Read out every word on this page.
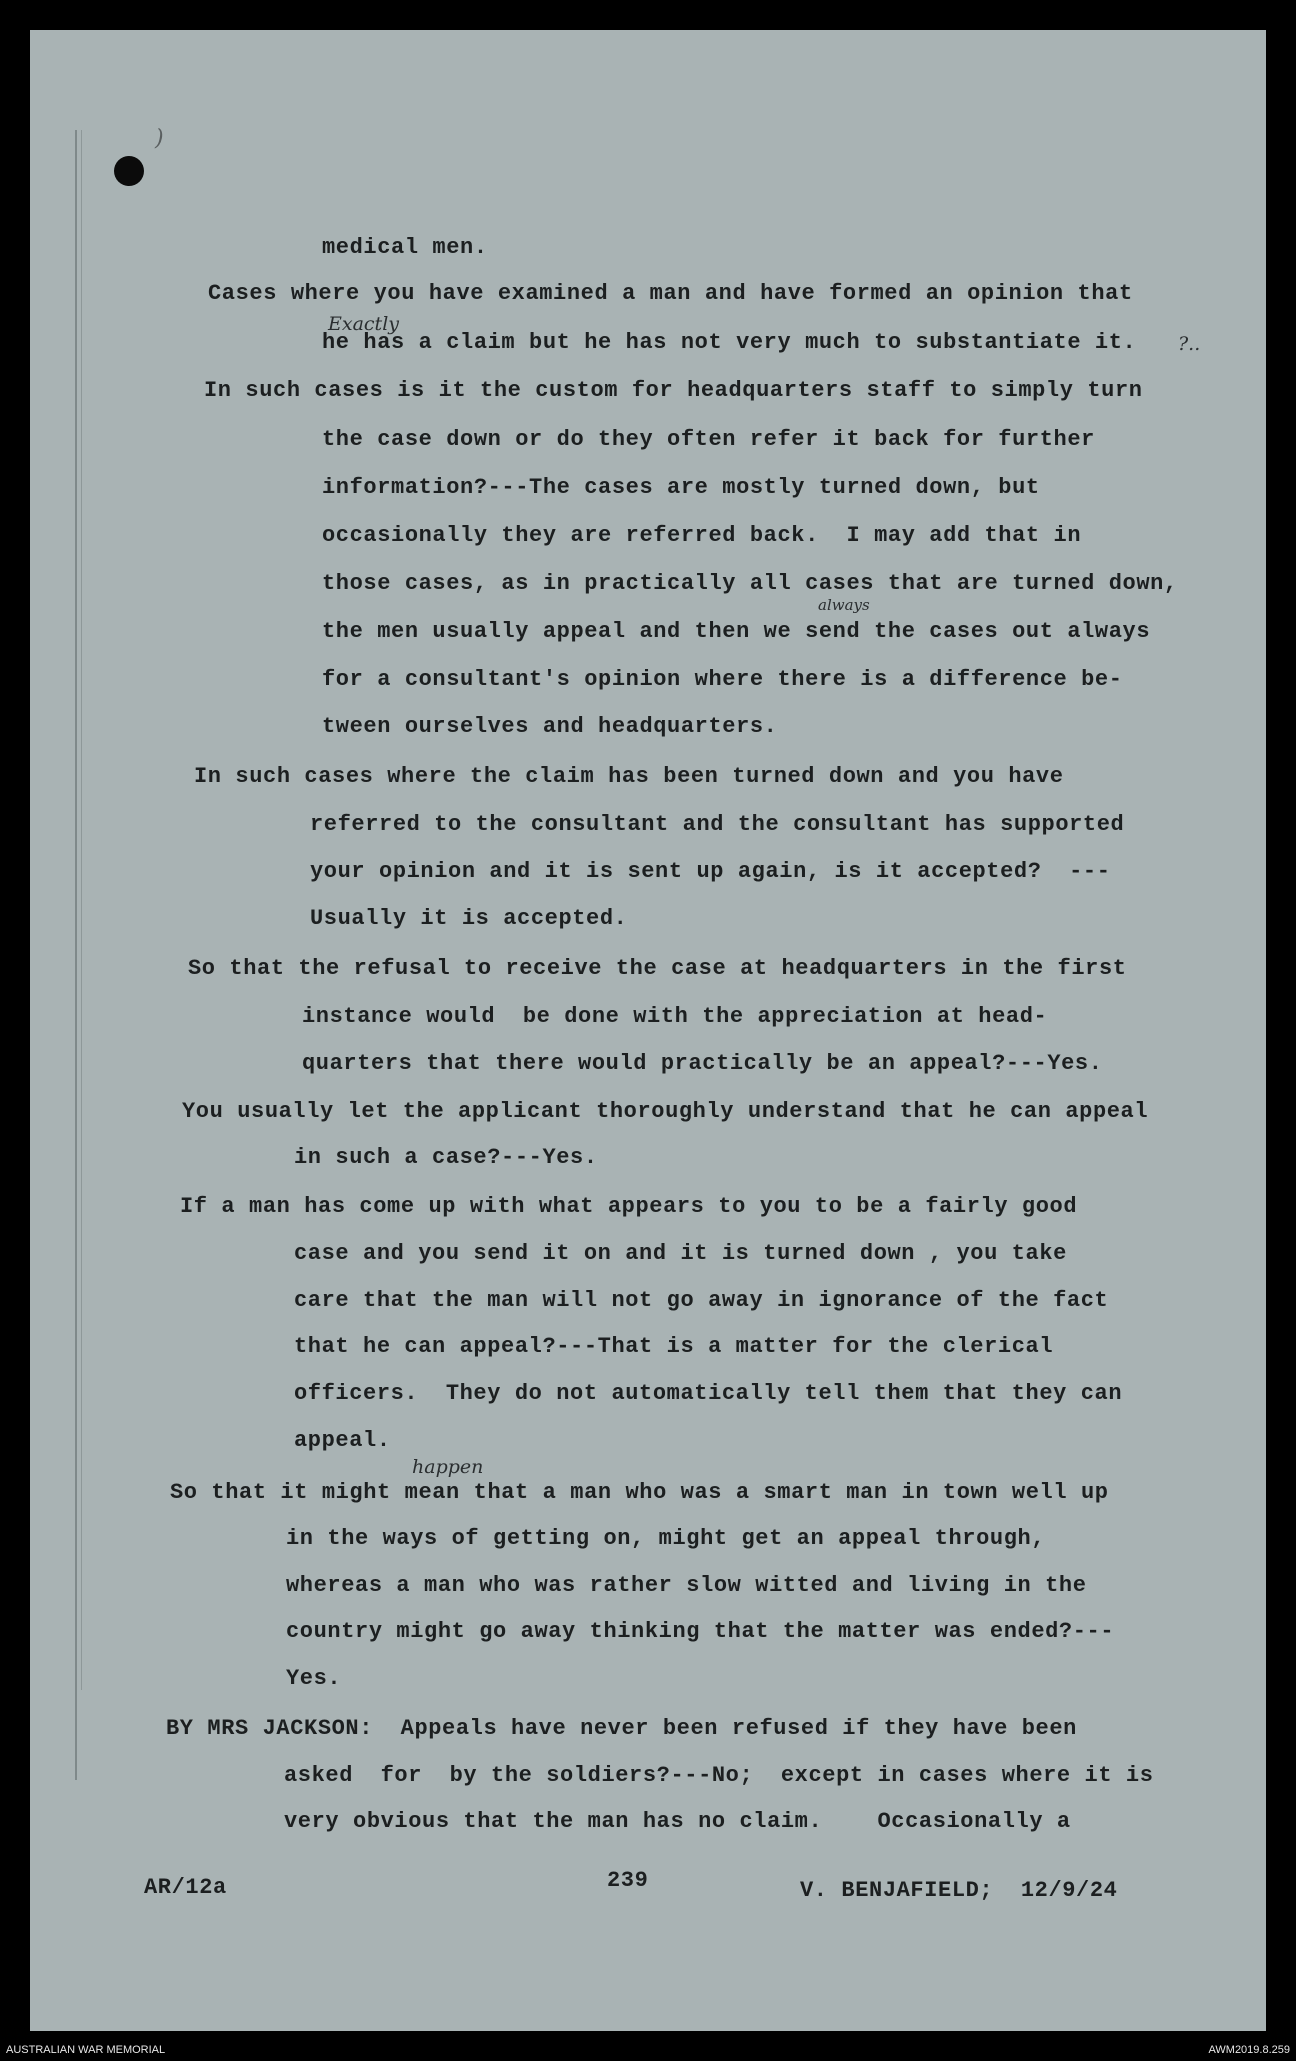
)
medical men.
Cases where you have examined a man and have formed an opinion that
he has a claim but he has not very much to substantiate it.
In such cases is it the custom for headquarters staff to simply turn
the case down or do they often refer it back for further
information?---The cases are mostly turned down, but
occasionally they are referred back.  I may add that in
those cases, as in practically all cases that are turned down,
the men usually appeal and then we send the cases out always
for a consultant's opinion where there is a difference be-
tween ourselves and headquarters.
In such cases where the claim has been turned down and you have
referred to the consultant and the consultant has supported
your opinion and it is sent up again, is it accepted?  ---
Usually it is accepted.
So that the refusal to receive the case at headquarters in the first
instance would  be done with the appreciation at head-
quarters that there would practically be an appeal?---Yes.
You usually let the applicant thoroughly understand that he can appeal
in such a case?---Yes.
If a man has come up with what appears to you to be a fairly good
case and you send it on and it is turned down , you take
care that the man will not go away in ignorance of the fact
that he can appeal?---That is a matter for the clerical
officers.  They do not automatically tell them that they can
appeal.
So that it might mean that a man who was a smart man in town well up
in the ways of getting on, might get an appeal through,
whereas a man who was rather slow witted and living in the
country might go away thinking that the matter was ended?---
Yes.
BY MRS JACKSON:  Appeals have never been refused if they have been
asked  for  by the soldiers?---No;  except in cases where it is
very obvious that the man has no claim.    Occasionally a
Exactly
?..
always
happen
AR/12a	239	V. BENJAFIELD;  12/9/24
AUSTRALIAN WAR MEMORIAL	AWM2019.8.259
